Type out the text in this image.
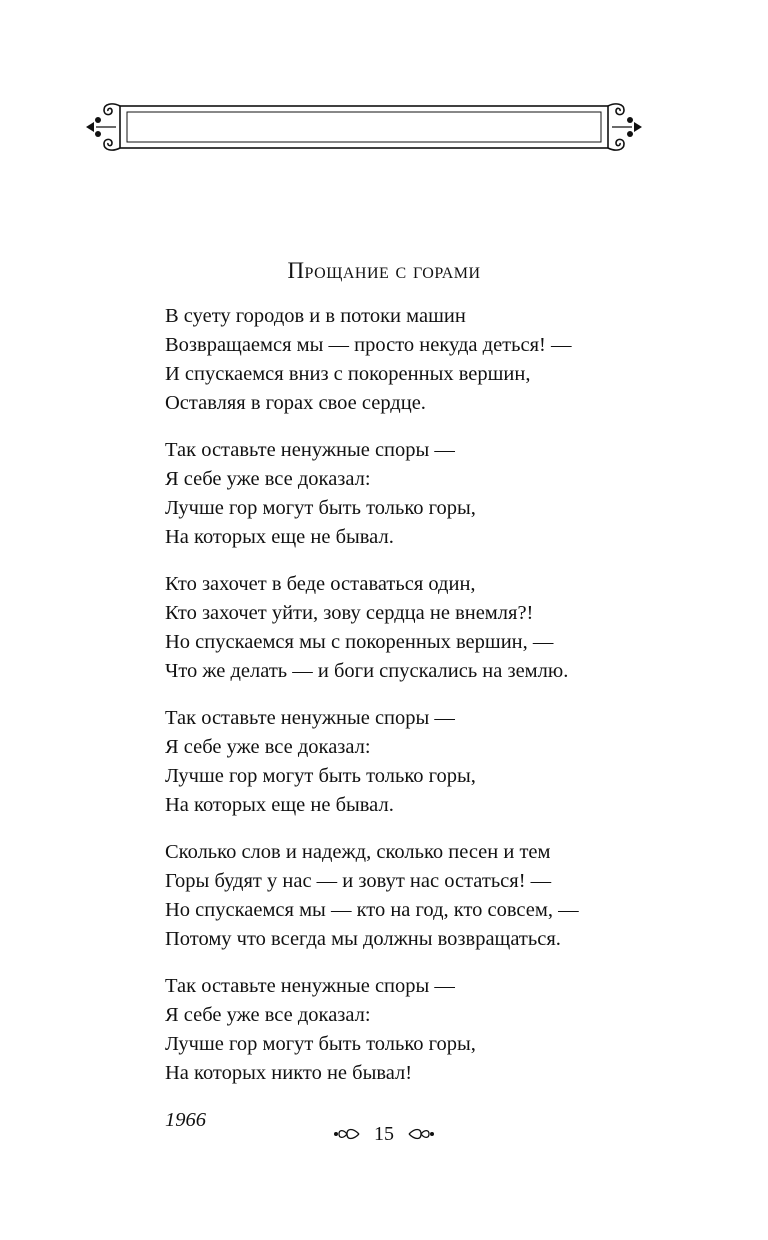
Прощание с горами
В суету городов и в потоки машин
Возвращаемся мы — просто некуда деться! —
И спускаемся вниз с покоренных вершин,
Оставляя в горах свое сердце.
Так оставьте ненужные споры —
Я себе уже все доказал:
Лучше гор могут быть только горы,
На которых еще не бывал.
Кто захочет в беде оставаться один,
Кто захочет уйти, зову сердца не внемля?!
Но спускаемся мы с покоренных вершин, —
Что же делать — и боги спускались на землю.
Так оставьте ненужные споры —
Я себе уже все доказал:
Лучше гор могут быть только горы,
На которых еще не бывал.
Сколько слов и надежд, сколько песен и тем
Горы будят у нас — и зовут нас остаться! —
Но спускаемся мы — кто на год, кто совсем, —
Потому что всегда мы должны возвращаться.
Так оставьте ненужные споры —
Я себе уже все доказал:
Лучше гор могут быть только горы,
На которых никто не бывал!
1966
15
